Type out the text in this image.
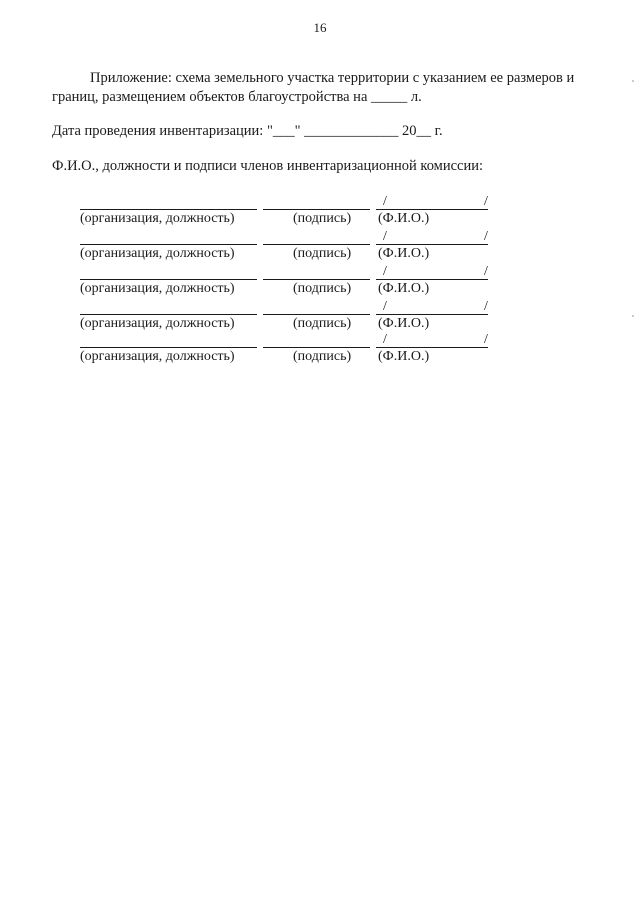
16

Приложение: схема земельного участка территории с указанием ее размеров и границ, размещением объектов благоустройства на _____ л.

Дата проведения инвентаризации: "___" _____________ 20__ г.

Ф.И.О., должности и подписи членов инвентаризационной комиссии:

/	/
(организация, должность)	(подпись) (Ф.И.О.)
/	/
(организация, должность)	(подпись) (Ф.И.О.)
/	/
(организация, должность)	(подпись) (Ф.И.О.)
/	/
(организация, должность)	(подпись) (Ф.И.О.)
/	/
(организация, должность)	(подпись) (Ф.И.О.)
